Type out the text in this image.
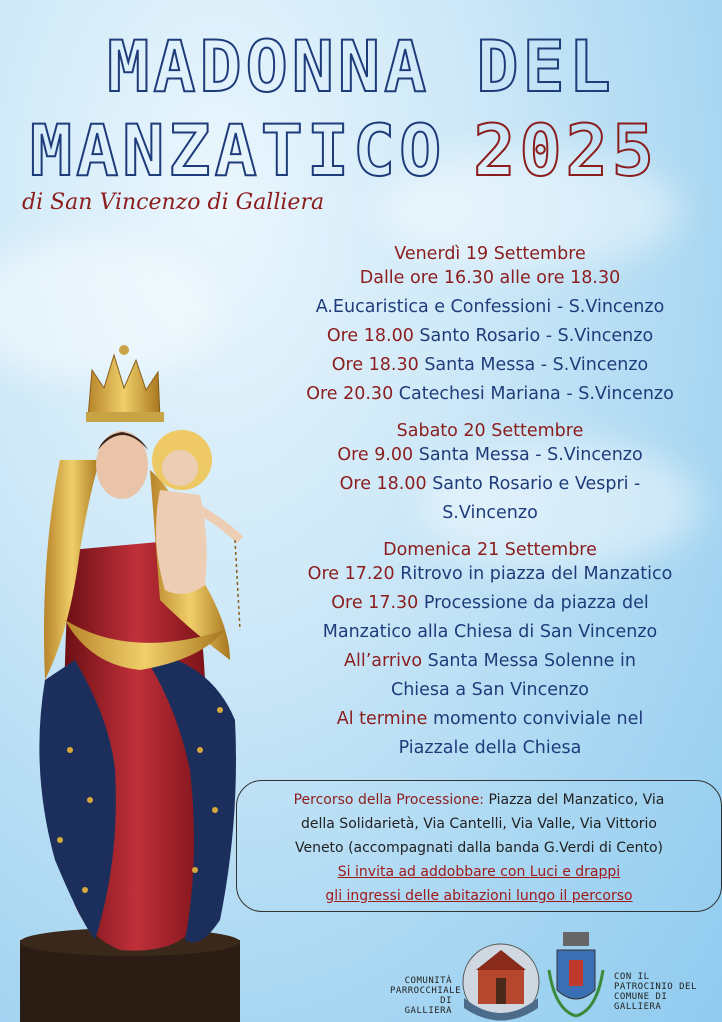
MADONNA DEL
MANZATICO 2025
di San Vincenzo di Galliera
Venerdì 19 Settembre
Dalle ore 16.30 alle ore 18.30
A.Eucaristica e Confessioni - S.Vincenzo
Ore 18.00 Santo Rosario - S.Vincenzo
Ore 18.30 Santa Messa - S.Vincenzo
Ore 20.30 Catechesi Mariana - S.Vincenzo
Sabato 20 Settembre
Ore 9.00 Santa Messa - S.Vincenzo
Ore 18.00 Santo Rosario e Vespri -
S.Vincenzo
Domenica 21 Settembre
Ore 17.20 Ritrovo in piazza del Manzatico
Ore 17.30 Processione da piazza del
Manzatico alla Chiesa di San Vincenzo
All’arrivo Santa Messa Solenne in
Chiesa a San Vincenzo
Al termine momento conviviale nel
Piazzale della Chiesa
Percorso della Processione: Piazza del Manzatico, Via
della Solidarietà, Via Cantelli, Via Valle, Via Vittorio
Veneto (accompagnati dalla banda G.Verdi di Cento)
Si invita ad addobbare con Luci e drappi
gli ingressi delle abitazioni lungo il percorso
COMUNITÀ
PARROCCHIALE
DI GALLIERA
CON IL
PATROCINIO DEL
COMUNE DI
GALLIERA
